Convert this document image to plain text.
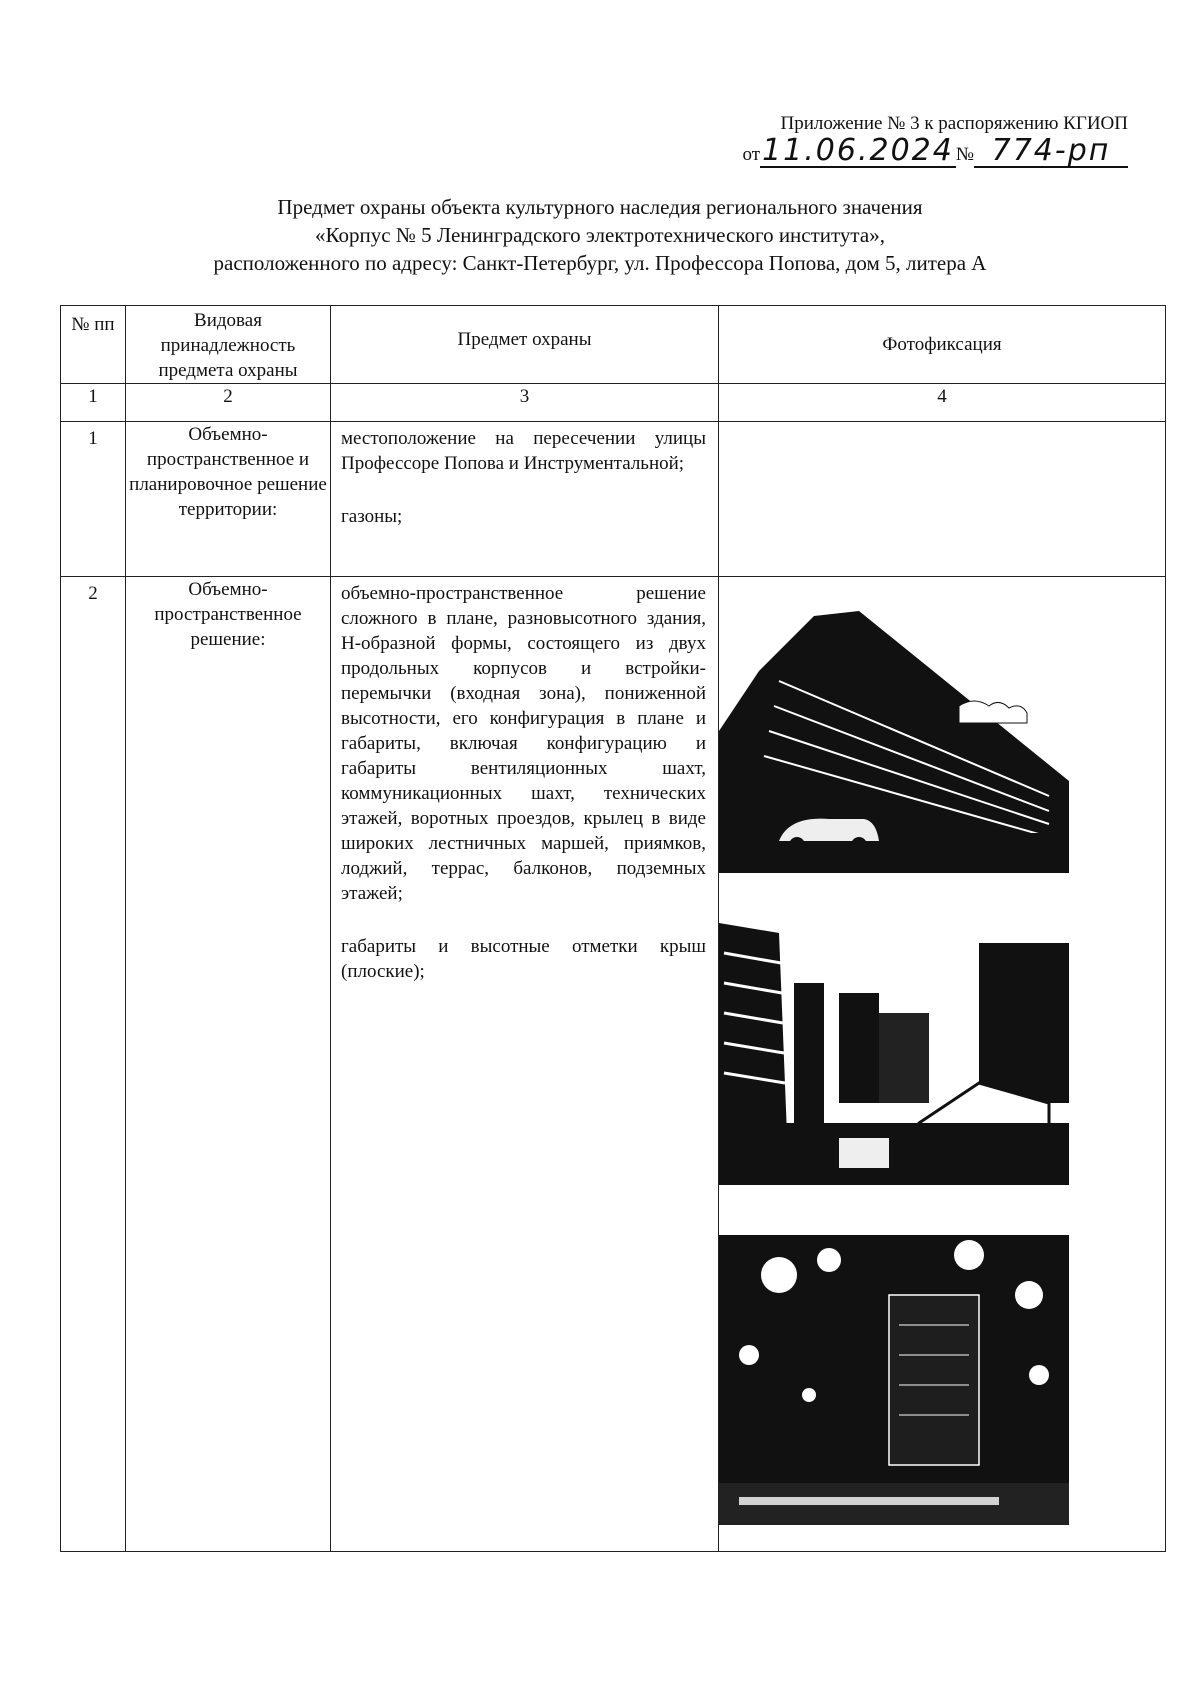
Приложение № 3 к распоряжению КГИОП
от11.06.2024 № 774-рп
Предмет охраны объекта культурного наследия регионального значения
«Корпус № 5 Ленинградского электротехнического института»,
расположенного по адресу: Санкт-Петербург, ул. Профессора Попова, дом 5, литера А
№ пп	Видовая принадлежность предмета охраны	Предмет охраны	Фотофиксация
1	2	3	4
1	Объемно-пространственное и планировочное решение территории:	местоположение на пересечении улицы Профессоре Попова и Инструментальной;
газоны;	

2	Объемно-пространственное решение:	объемно-пространственное решение сложного в плане, разновысотного здания, Н-образной формы, состоящего из двух продольных корпусов и встройки-перемычки (входная зона), пониженной высотности, его конфигурация в плане и габариты, включая конфигурацию и габариты вентиляционных шахт, коммуникационных шахт, технических этажей, воротных проездов, крылец в виде широких лестничных маршей, приямков, лоджий, террас, балконов, подземных этажей;
габариты и высотные отметки крыш (плоские);
